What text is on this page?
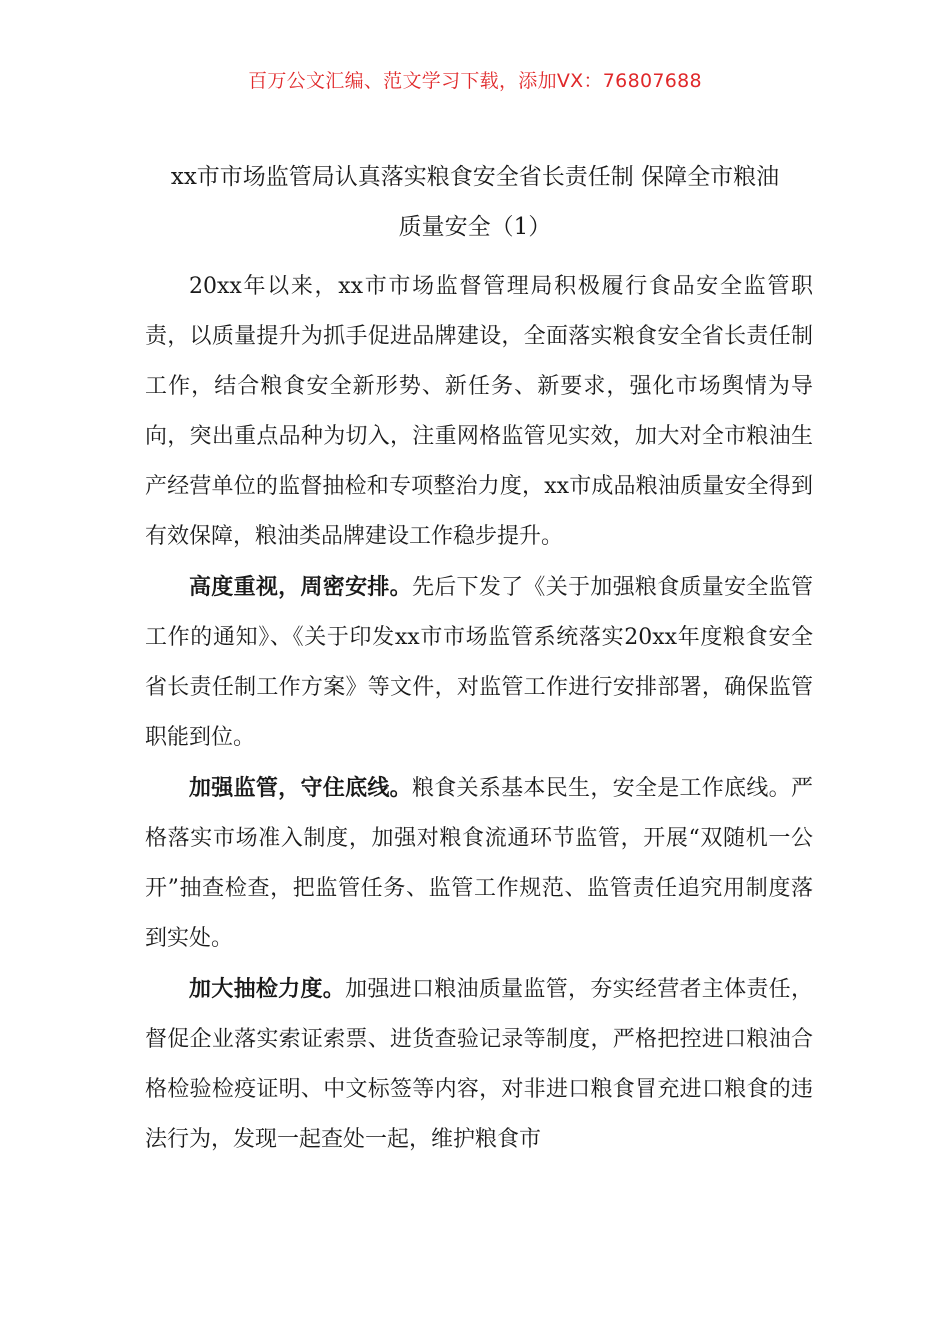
百万公文汇编、范文学习下载，添加VX：76807688
xx市市场监管局认真落实粮食安全省长责任制 保障全市粮油
质量安全（1）

20xx年以来，xx市市场监督管理局积极履行食品安全监管职责，以质量提升为抓手促进品牌建设，全面落实粮食安全省长责任制工作，结合粮食安全新形势、新任务、新要求，强化市场舆情为导向，突出重点品种为切入，注重网格监管见实效，加大对全市粮油生产经营单位的监督抽检和专项整治力度，xx市成品粮油质量安全得到有效保障，粮油类品牌建设工作稳步提升。

高度重视，周密安排。先后下发了《关于加强粮食质量安全监管工作的通知》、《关于印发xx市市场监管系统落实20xx年度粮食安全省长责任制工作方案》等文件，对监管工作进行安排部署，确保监管职能到位。

加强监管，守住底线。粮食关系基本民生，安全是工作底线。严格落实市场准入制度，加强对粮食流通环节监管，开展“双随机一公开”抽查检查，把监管任务、监管工作规范、监管责任追究用制度落到实处。

加大抽检力度。加强进口粮油质量监管，夯实经营者主体责任，督促企业落实索证索票、进货查验记录等制度，严格把控进口粮油合格检验检疫证明、中文标签等内容，对非进口粮食冒充进口粮食的违法行为，发现一起查处一起，维护粮食市
